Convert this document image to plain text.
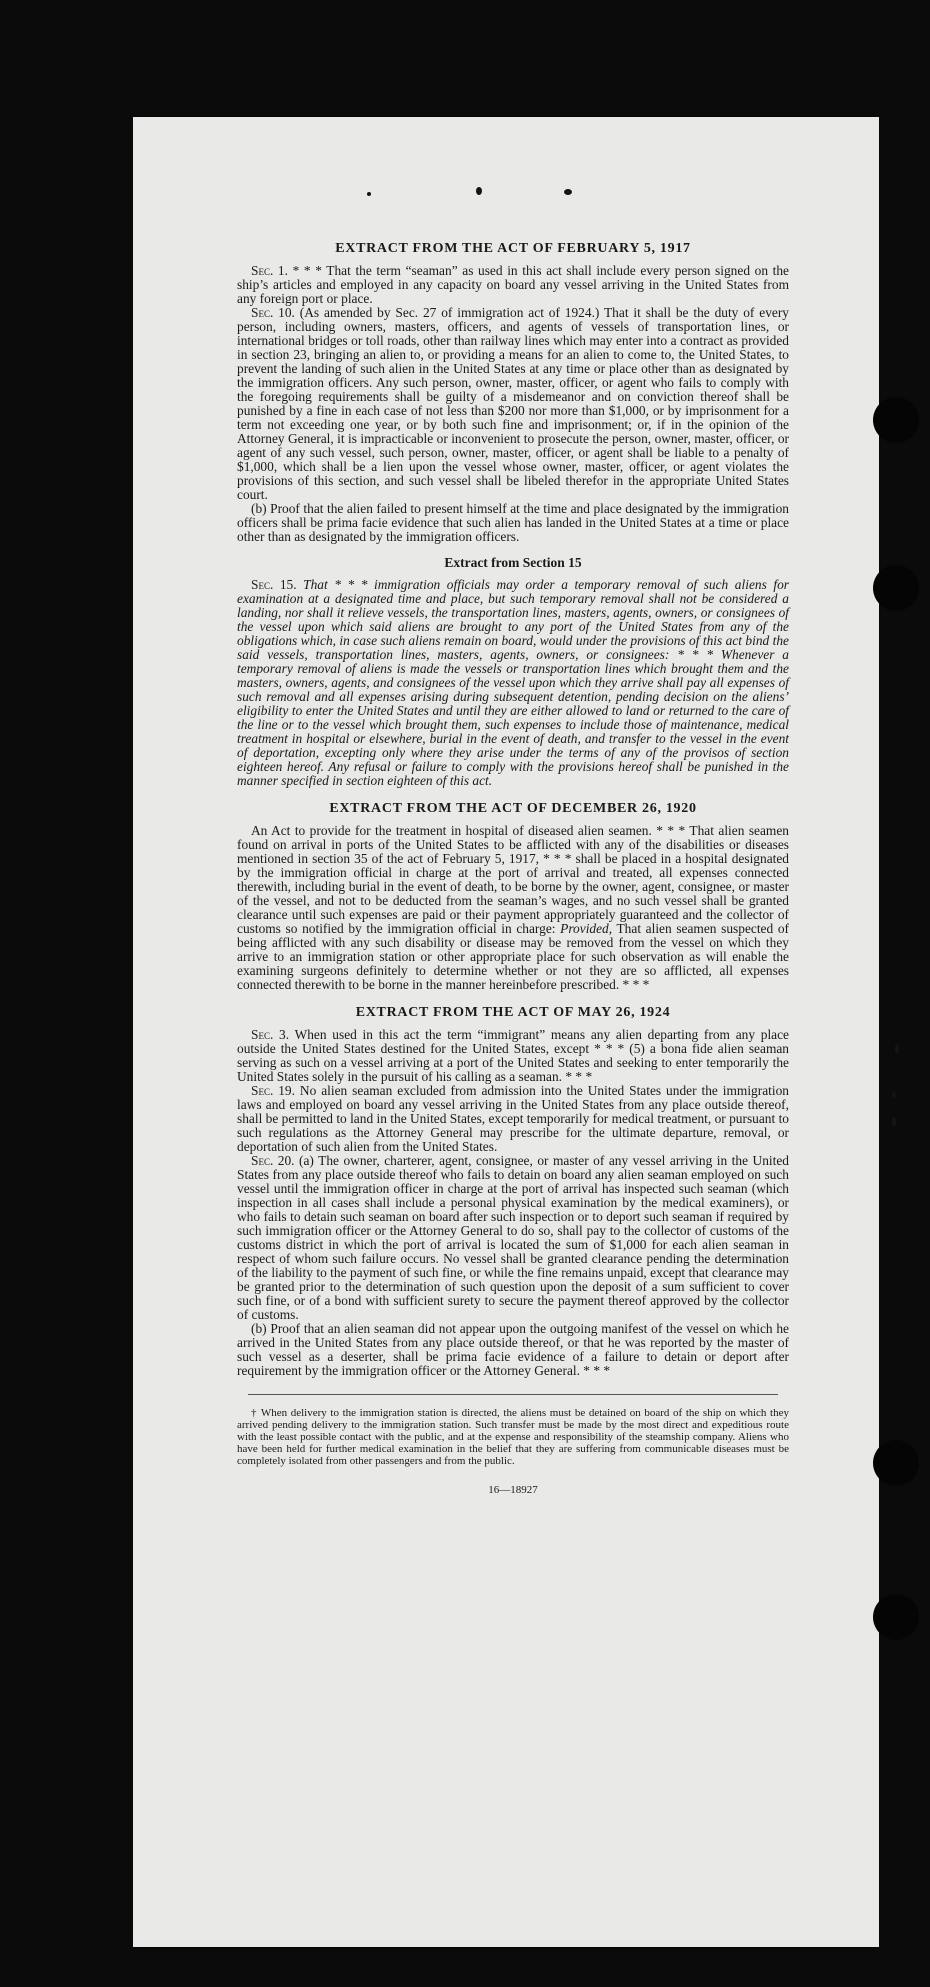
EXTRACT FROM THE ACT OF FEBRUARY 5, 1917

Sec. 1. * * * That the term “seaman” as used in this act shall include every person signed on the ship’s articles and employed in any capacity on board any vessel arriving in the United States from any foreign port or place.

Sec. 10. (As amended by Sec. 27 of immigration act of 1924.) That it shall be the duty of every person, including owners, masters, officers, and agents of vessels of transportation lines, or international bridges or toll roads, other than railway lines which may enter into a contract as provided in section 23, bringing an alien to, or providing a means for an alien to come to, the United States, to prevent the landing of such alien in the United States at any time or place other than as designated by the immigration officers. Any such person, owner, master, officer, or agent who fails to comply with the foregoing requirements shall be guilty of a misdemeanor and on conviction thereof shall be punished by a fine in each case of not less than $200 nor more than $1,000, or by imprisonment for a term not exceeding one year, or by both such fine and imprisonment; or, if in the opinion of the Attorney General, it is impracticable or inconvenient to prosecute the person, owner, master, officer, or agent of any such vessel, such person, owner, master, officer, or agent shall be liable to a penalty of $1,000, which shall be a lien upon the vessel whose owner, master, officer, or agent violates the provisions of this section, and such vessel shall be libeled therefor in the appropriate United States court.

(b) Proof that the alien failed to present himself at the time and place designated by the immigration officers shall be prima facie evidence that such alien has landed in the United States at a time or place other than as designated by the immigration officers.

Extract from Section 15

Sec. 15. That * * * immigration officials may order a temporary removal of such aliens for examination at a designated time and place, but such temporary removal shall not be considered a landing, nor shall it relieve vessels, the transportation lines, masters, agents, owners, or consignees of the vessel upon which said aliens are brought to any port of the United States from any of the obligations which, in case such aliens remain on board, would under the provisions of this act bind the said vessels, transportation lines, masters, agents, owners, or consignees: * * * Whenever a temporary removal of aliens is made the vessels or transportation lines which brought them and the masters, owners, agents, and consignees of the vessel upon which they arrive shall pay all expenses of such removal and all expenses arising during subsequent detention, pending decision on the aliens’ eligibility to enter the United States and until they are either allowed to land or returned to the care of the line or to the vessel which brought them, such expenses to include those of maintenance, medical treatment in hospital or elsewhere, burial in the event of death, and transfer to the vessel in the event of deportation, excepting only where they arise under the terms of any of the provisos of section eighteen hereof. Any refusal or failure to comply with the provisions hereof shall be punished in the manner specified in section eighteen of this act.

EXTRACT FROM THE ACT OF DECEMBER 26, 1920

An Act to provide for the treatment in hospital of diseased alien seamen. * * * That alien seamen found on arrival in ports of the United States to be afflicted with any of the disabilities or diseases mentioned in section 35 of the act of February 5, 1917, * * * shall be placed in a hospital designated by the immigration official in charge at the port of arrival and treated, all expenses connected therewith, including burial in the event of death, to be borne by the owner, agent, consignee, or master of the vessel, and not to be deducted from the seaman’s wages, and no such vessel shall be granted clearance until such expenses are paid or their payment appropriately guaranteed and the collector of customs so notified by the immigration official in charge: Provided, That alien seamen suspected of being afflicted with any such disability or disease may be removed from the vessel on which they arrive to an immigration station or other appropriate place for such observation as will enable the examining surgeons definitely to determine whether or not they are so afflicted, all expenses connected therewith to be borne in the manner hereinbefore prescribed. * * *

EXTRACT FROM THE ACT OF MAY 26, 1924

Sec. 3. When used in this act the term “immigrant” means any alien departing from any place outside the United States destined for the United States, except * * * (5) a bona fide alien seaman serving as such on a vessel arriving at a port of the United States and seeking to enter temporarily the United States solely in the pursuit of his calling as a seaman. * * *

Sec. 19. No alien seaman excluded from admission into the United States under the immigration laws and employed on board any vessel arriving in the United States from any place outside thereof, shall be permitted to land in the United States, except temporarily for medical treatment, or pursuant to such regulations as the Attorney General may prescribe for the ultimate departure, removal, or deportation of such alien from the United States.

Sec. 20. (a) The owner, charterer, agent, consignee, or master of any vessel arriving in the United States from any place outside thereof who fails to detain on board any alien seaman employed on such vessel until the immigration officer in charge at the port of arrival has inspected such seaman (which inspection in all cases shall include a personal physical examination by the medical examiners), or who fails to detain such seaman on board after such inspection or to deport such seaman if required by such immigration officer or the Attorney General to do so, shall pay to the collector of customs of the customs district in which the port of arrival is located the sum of $1,000 for each alien seaman in respect of whom such failure occurs. No vessel shall be granted clearance pending the determination of the liability to the payment of such fine, or while the fine remains unpaid, except that clearance may be granted prior to the determination of such question upon the deposit of a sum sufficient to cover such fine, or of a bond with sufficient surety to secure the payment thereof approved by the collector of customs.

(b) Proof that an alien seaman did not appear upon the outgoing manifest of the vessel on which he arrived in the United States from any place outside thereof, or that he was reported by the master of such vessel as a deserter, shall be prima facie evidence of a failure to detain or deport after requirement by the immigration officer or the Attorney General. * * *

† When delivery to the immigration station is directed, the aliens must be detained on board of the ship on which they arrived pending delivery to the immigration station. Such transfer must be made by the most direct and expeditious route with the least possible contact with the public, and at the expense and responsibility of the steamship company. Aliens who have been held for further medical examination in the belief that they are suffering from communicable diseases must be completely isolated from other passengers and from the public.

16—18927
